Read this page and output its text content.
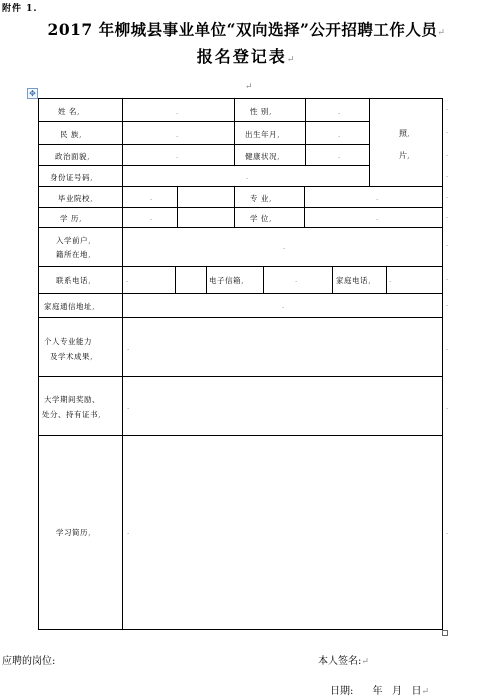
附件 1.
2017 年柳城县事业单位“双向选择”公开招聘工作人员↵
报名登记表↵
✥
↵
姓 名,	.	性 别,	.
照,
片,
.
民 族,	.	出生年月,	.	.
政治面貌,	.	健康状况,	.	.
身份证号码,	.	.
毕业院校,	.	专 业,	.	.
学 历,	.	学 位,	.	.
入学前户,
籍所在地,
.	.
联系电话,	.	电子信箱,	.	家庭电话,	.	.
家庭通信地址,	.	.
个人专业能力
及学术成果,
.	.
大学期间奖励、
处分、持有证书,
.	.
学习简历,	.	.
应聘的岗位:	本人签名:↵
日期: 年 月 日↵
